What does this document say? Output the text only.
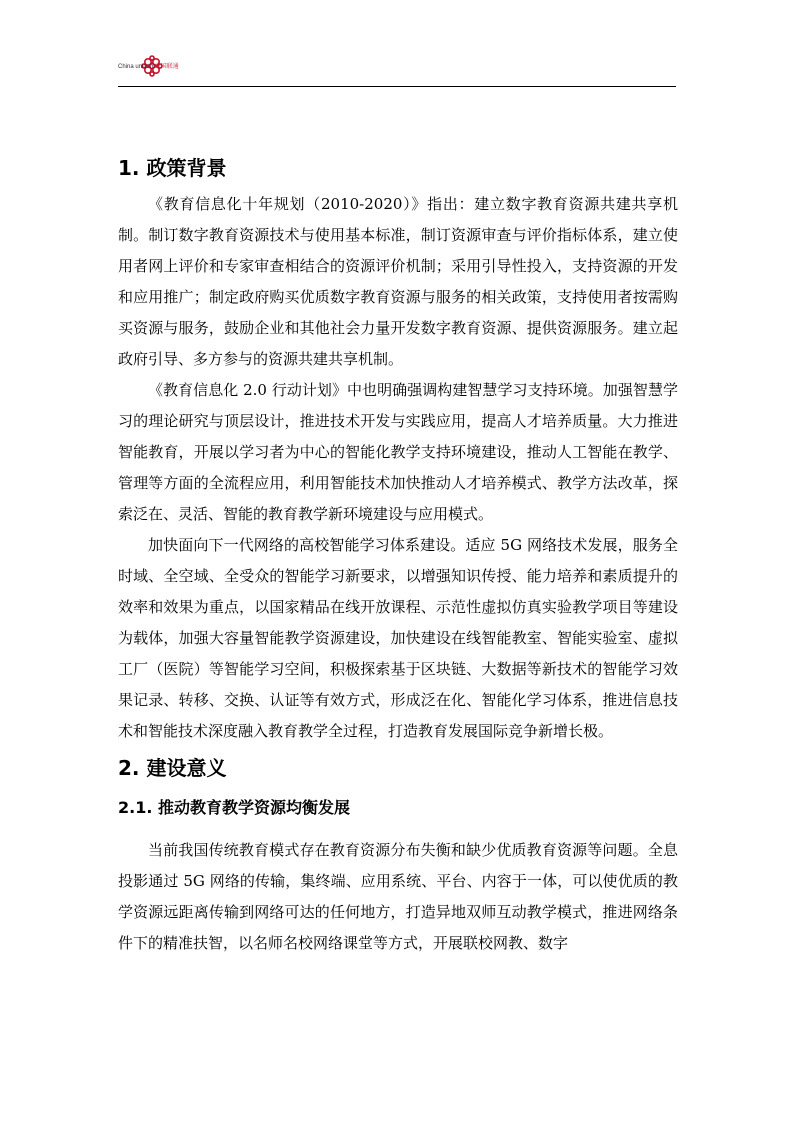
China unicom中国联通
1. 政策背景

《教育信息化十年规划（2010-2020）》指出：建立数字教育资源共建共享机制。制订数字教育资源技术与使用基本标准，制订资源审查与评价指标体系，建立使用者网上评价和专家审查相结合的资源评价机制；采用引导性投入，支持资源的开发和应用推广；制定政府购买优质数字教育资源与服务的相关政策，支持使用者按需购买资源与服务，鼓励企业和其他社会力量开发数字教育资源、提供资源服务。建立起政府引导、多方参与的资源共建共享机制。

《教育信息化 2.0 行动计划》中也明确强调构建智慧学习支持环境。加强智慧学习的理论研究与顶层设计，推进技术开发与实践应用，提高人才培养质量。大力推进智能教育，开展以学习者为中心的智能化教学支持环境建设，推动人工智能在教学、管理等方面的全流程应用，利用智能技术加快推动人才培养模式、教学方法改革，探索泛在、灵活、智能的教育教学新环境建设与应用模式。

加快面向下一代网络的高校智能学习体系建设。适应 5G 网络技术发展，服务全时域、全空域、全受众的智能学习新要求，以增强知识传授、能力培养和素质提升的效率和效果为重点，以国家精品在线开放课程、示范性虚拟仿真实验教学项目等建设为载体，加强大容量智能教学资源建设，加快建设在线智能教室、智能实验室、虚拟工厂（医院）等智能学习空间，积极探索基于区块链、大数据等新技术的智能学习效果记录、转移、交换、认证等有效方式，形成泛在化、智能化学习体系，推进信息技术和智能技术深度融入教育教学全过程，打造教育发展国际竞争新增长极。

2. 建设意义
2.1. 推动教育教学资源均衡发展

当前我国传统教育模式存在教育资源分布失衡和缺少优质教育资源等问题。全息投影通过 5G 网络的传输，集终端、应用系统、平台、内容于一体，可以使优质的教学资源远距离传输到网络可达的任何地方，打造异地双师互动教学模式，推进网络条件下的精准扶智，以名师名校网络课堂等方式，开展联校网教、数字
